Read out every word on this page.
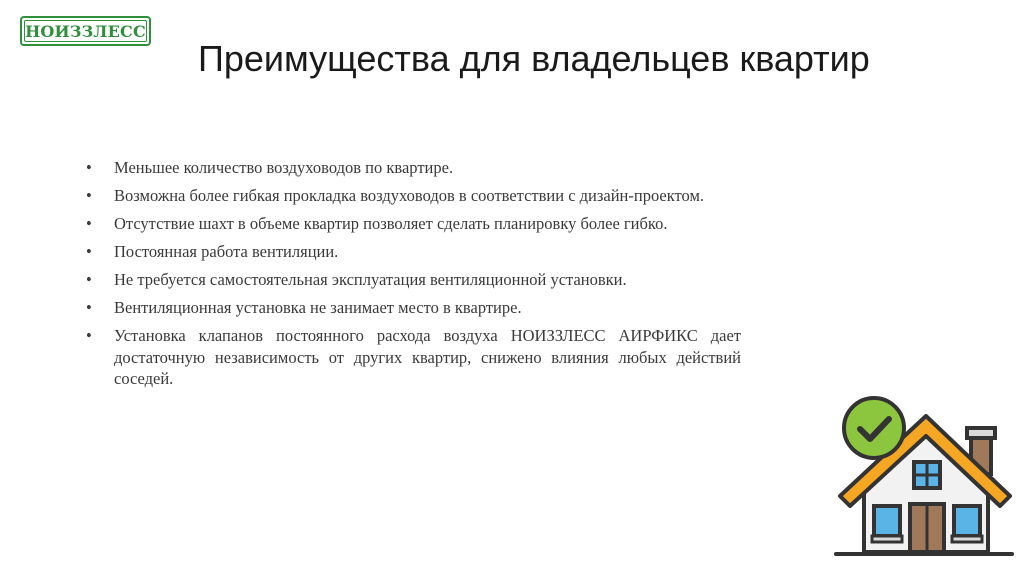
НОИЗЗЛЕСС
Преимущества для владельцев квартир
• Меньшее количество воздуховодов по квартире.
• Возможна более гибкая прокладка воздуховодов в соответствии с дизайн-проектом.
• Отсутствие шахт в объеме квартир позволяет сделать планировку более гибко.
• Постоянная работа вентиляции.
• Не требуется самостоятельная эксплуатация вентиляционной установки.
• Вентиляционная установка не занимает место в квартире.
• Установка клапанов постоянного расхода воздуха НОИЗЗЛЕСС АИРФИКС дает достаточную независимость от других квартир, снижено влияния любых действий соседей.
